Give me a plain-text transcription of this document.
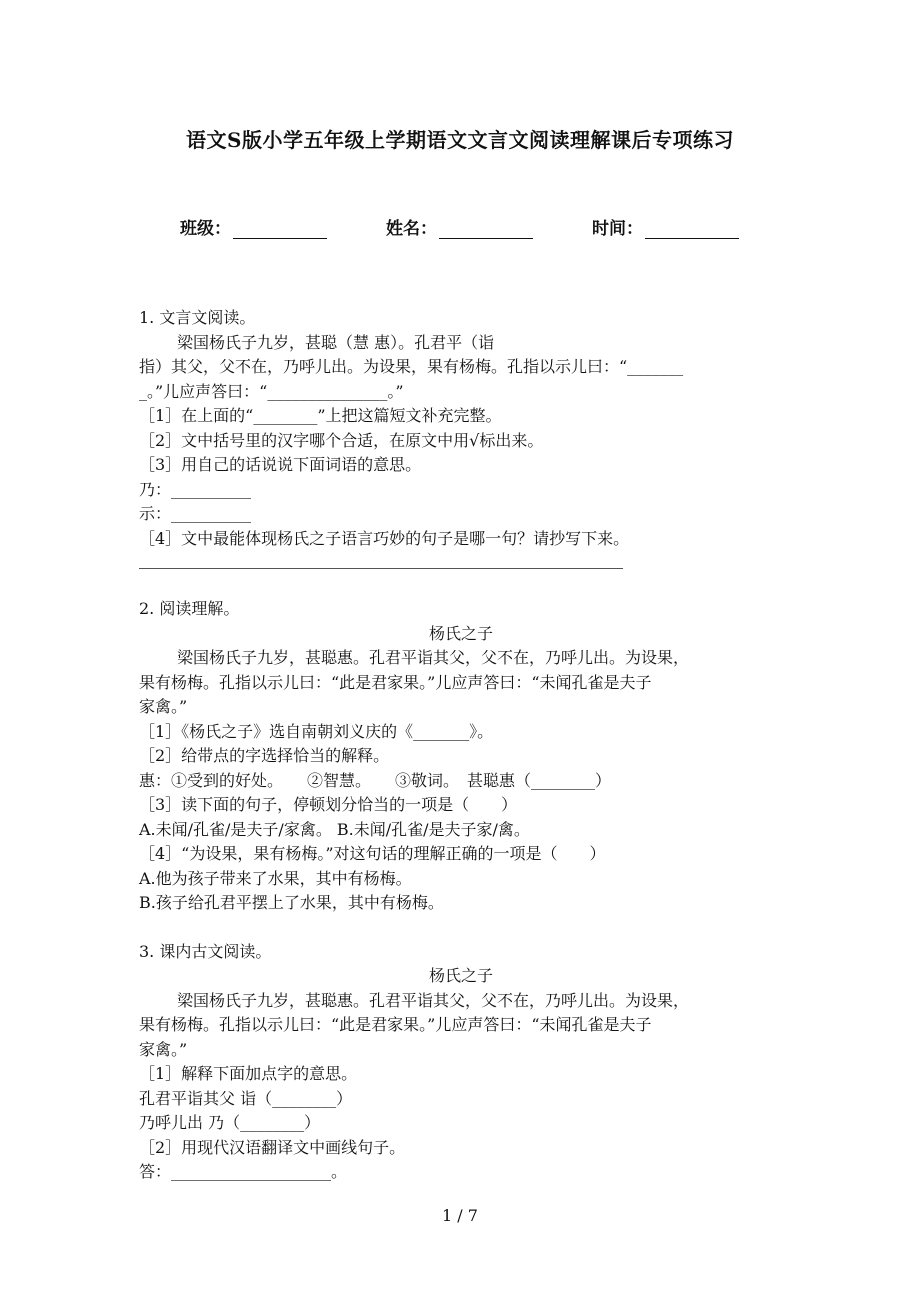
语文S版小学五年级上学期语文文言文阅读理解课后专项练习
班级：	姓名：	时间：
1. 文言文阅读。
梁国杨氏子九岁，甚聪（慧 惠）。孔君平（诣
指）其父，父不在，乃呼儿出。为设果，果有杨梅。孔指以示儿曰：“_______
_。”儿应声答曰：“_______________。”
［1］在上面的“________”上把这篇短文补充完整。
［2］文中括号里的汉字哪个合适，在原文中用√标出来。
［3］用自己的话说说下面词语的意思。
乃：__________
示：__________
［4］文中最能体现杨氏之子语言巧妙的句子是哪一句？请抄写下来。
2. 阅读理解。
杨氏之子
梁国杨氏子九岁，甚聪惠。孔君平诣其父，父不在，乃呼儿出。为设果，
果有杨梅。孔指以示儿曰：“此是君家果。”儿应声答曰：“未闻孔雀是夫子
家禽。”
［1］《杨氏之子》选自南朝刘义庆的《_______》。
［2］给带点的字选择恰当的解释。
惠：①受到的好处。　　②智慧。　　③敬词。　甚聪惠（________）
［3］读下面的句子，停顿划分恰当的一项是（　　）
A.未闻/孔雀/是夫子/家禽。 B.未闻/孔雀/是夫子家/禽。
［4］“为设果，果有杨梅。”对这句话的理解正确的一项是（　　）
A.他为孩子带来了水果，其中有杨梅。
B.孩子给孔君平摆上了水果，其中有杨梅。
3. 课内古文阅读。
杨氏之子
梁国杨氏子九岁，甚聪惠。孔君平诣其父，父不在，乃呼儿出。为设果，
果有杨梅。孔指以示儿曰：“此是君家果。”儿应声答曰：“未闻孔雀是夫子
家禽。”
［1］解释下面加点字的意思。
孔君平诣其父 诣（________）
乃呼儿出 乃（________）
［2］用现代汉语翻译文中画线句子。
答：____________________。
1 / 7
